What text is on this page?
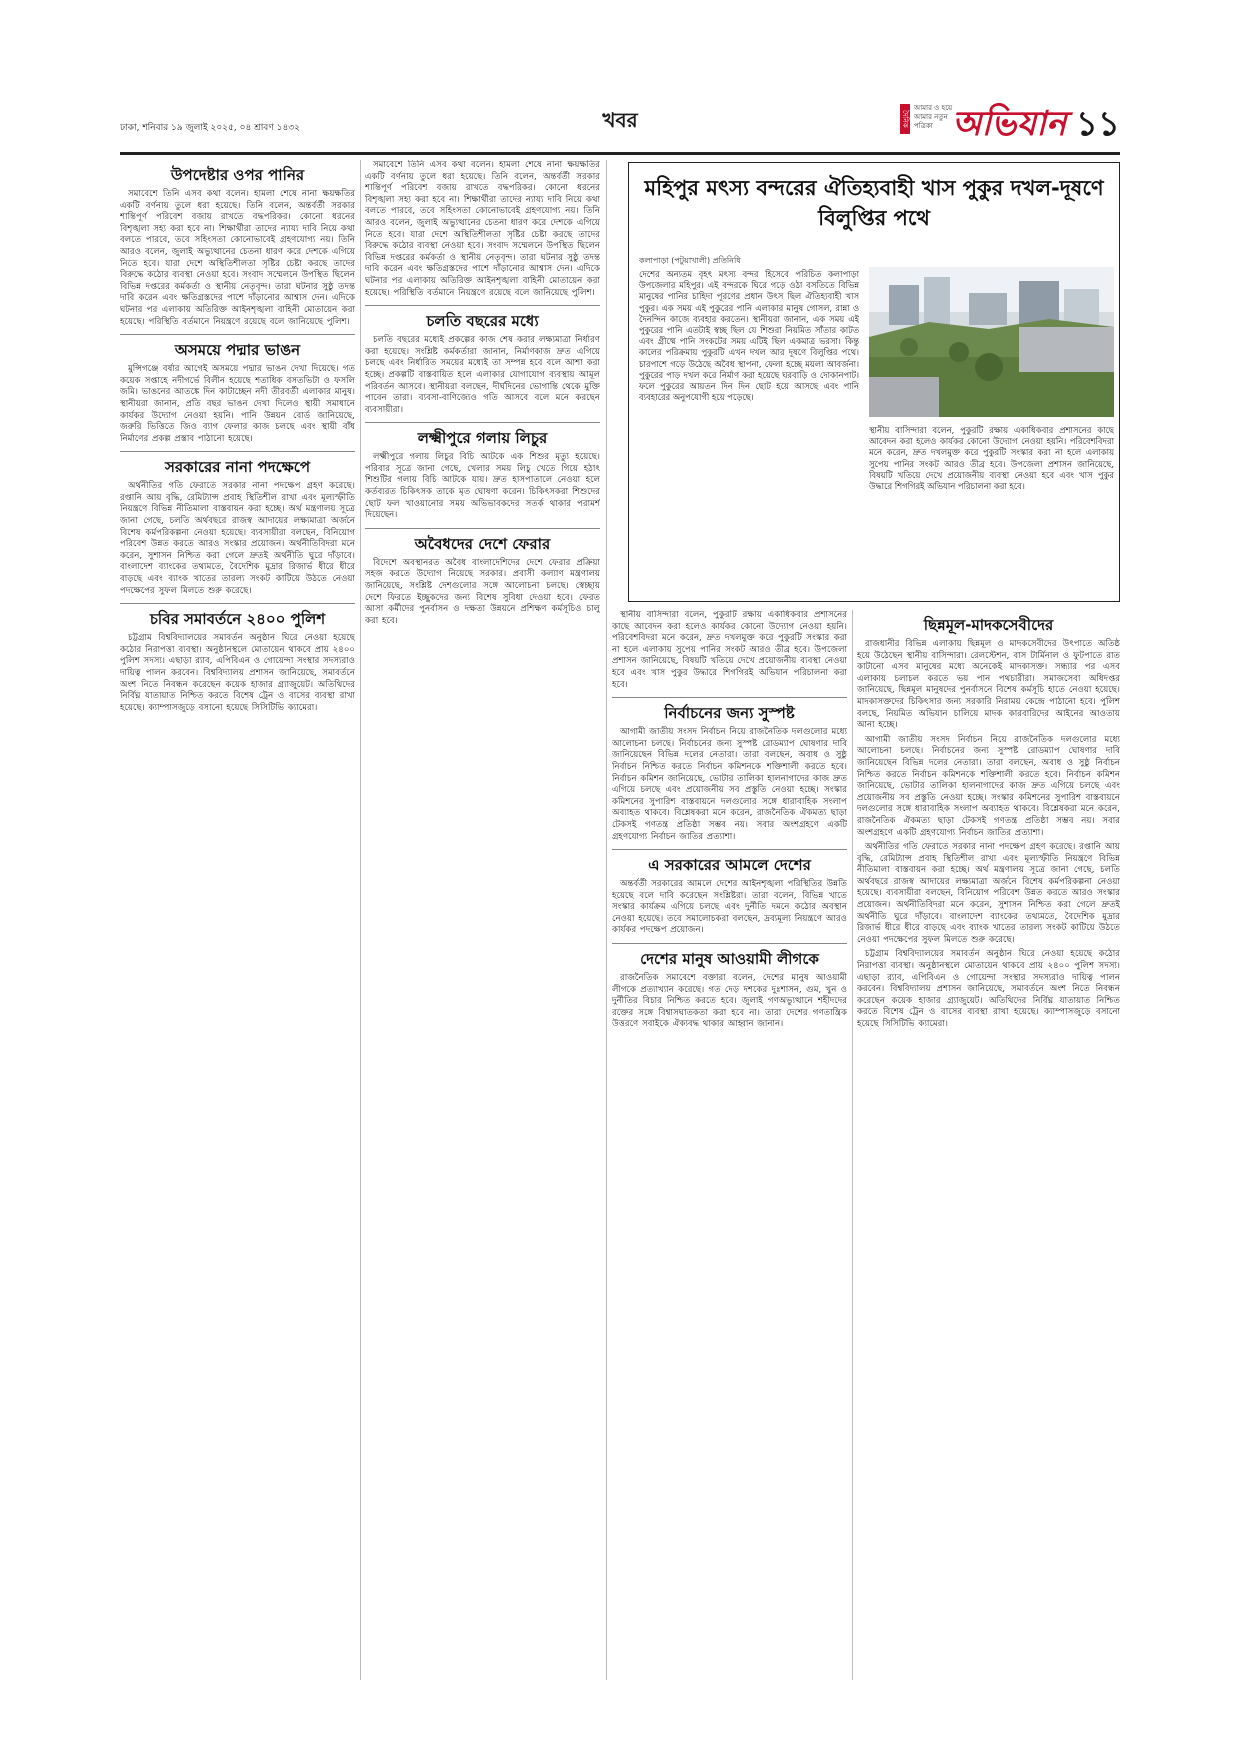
ঢাকা, শনিবার ১৯ জুলাই ২০২৫, ০৪ শ্রাবণ ১৪৩২	খবর	দৈনিক
আমার ও হয়ে আমার নতুন পত্রিকা অভিযান ১১
উপদেষ্টার ওপর পানির

সমাবেশে তিনি এসব কথা বলেন। হামলা শেষে নানা ক্ষয়ক্ষতির একটি বর্ণনায় তুলে ধরা হয়েছে। তিনি বলেন, অন্তর্বর্তী সরকার শান্তিপূর্ণ পরিবেশ বজায় রাখতে বদ্ধপরিকর। কোনো ধরনের বিশৃঙ্খলা সহ্য করা হবে না। শিক্ষার্থীরা তাদের ন্যায্য দাবি নিয়ে কথা বলতে পারবে, তবে সহিংসতা কোনোভাবেই গ্রহণযোগ্য নয়। তিনি আরও বলেন, জুলাই অভ্যুত্থানের চেতনা ধারণ করে দেশকে এগিয়ে নিতে হবে। যারা দেশে অস্থিতিশীলতা সৃষ্টির চেষ্টা করছে তাদের বিরুদ্ধে কঠোর ব্যবস্থা নেওয়া হবে। সংবাদ সম্মেলনে উপস্থিত ছিলেন বিভিন্ন দপ্তরের কর্মকর্তা ও স্থানীয় নেতৃবৃন্দ। তারা ঘটনার সুষ্ঠু তদন্ত দাবি করেন এবং ক্ষতিগ্রস্তদের পাশে দাঁড়ানোর আশ্বাস দেন। এদিকে ঘটনার পর এলাকায় অতিরিক্ত আইনশৃঙ্খলা বাহিনী মোতায়েন করা হয়েছে। পরিস্থিতি বর্তমানে নিয়ন্ত্রণে রয়েছে বলে জানিয়েছে পুলিশ।

অসময়ে পদ্মার ভাঙন

মুন্সিগঞ্জে বর্ষার আগেই অসময়ে পদ্মার ভাঙন দেখা দিয়েছে। গত কয়েক সপ্তাহে নদীগর্ভে বিলীন হয়েছে শতাধিক বসতভিটা ও ফসলি জমি। ভাঙনের আতঙ্কে দিন কাটাচ্ছেন নদী তীরবর্তী এলাকার মানুষ। স্থানীয়রা জানান, প্রতি বছর ভাঙন দেখা দিলেও স্থায়ী সমাধানে কার্যকর উদ্যোগ নেওয়া হয়নি। পানি উন্নয়ন বোর্ড জানিয়েছে, জরুরি ভিত্তিতে জিও ব্যাগ ফেলার কাজ চলছে এবং স্থায়ী বাঁধ নির্মাণের প্রকল্প প্রস্তাব পাঠানো হয়েছে।

সরকারের নানা পদক্ষেপে

অর্থনীতির গতি ফেরাতে সরকার নানা পদক্ষেপ গ্রহণ করেছে। রপ্তানি আয় বৃদ্ধি, রেমিট্যান্স প্রবাহ স্থিতিশীল রাখা এবং মূল্যস্ফীতি নিয়ন্ত্রণে বিভিন্ন নীতিমালা বাস্তবায়ন করা হচ্ছে। অর্থ মন্ত্রণালয় সূত্রে জানা গেছে, চলতি অর্থবছরে রাজস্ব আদায়ের লক্ষ্যমাত্রা অর্জনে বিশেষ কর্মপরিকল্পনা নেওয়া হয়েছে। ব্যবসায়ীরা বলছেন, বিনিয়োগ পরিবেশ উন্নত করতে আরও সংস্কার প্রয়োজন। অর্থনীতিবিদরা মনে করেন, সুশাসন নিশ্চিত করা গেলে দ্রুতই অর্থনীতি ঘুরে দাঁড়াবে। বাংলাদেশ ব্যাংকের তথ্যমতে, বৈদেশিক মুদ্রার রিজার্ভ ধীরে ধীরে বাড়ছে এবং ব্যাংক খাতের তারল্য সংকট কাটিয়ে উঠতে নেওয়া পদক্ষেপের সুফল মিলতে শুরু করেছে।

চবির সমাবর্তনে ২৪০০ পুলিশ

চট্টগ্রাম বিশ্ববিদ্যালয়ের সমাবর্তন অনুষ্ঠান ঘিরে নেওয়া হয়েছে কঠোর নিরাপত্তা ব্যবস্থা। অনুষ্ঠানস্থলে মোতায়েন থাকবে প্রায় ২৪০০ পুলিশ সদস্য। এছাড়া র‍্যাব, এপিবিএন ও গোয়েন্দা সংস্থার সদস্যরাও দায়িত্ব পালন করবেন। বিশ্ববিদ্যালয় প্রশাসন জানিয়েছে, সমাবর্তনে অংশ নিতে নিবন্ধন করেছেন কয়েক হাজার গ্র্যাজুয়েট। অতিথিদের নির্বিঘ্ন যাতায়াত নিশ্চিত করতে বিশেষ ট্রেন ও বাসের ব্যবস্থা রাখা হয়েছে। ক্যাম্পাসজুড়ে বসানো হয়েছে সিসিটিভি ক্যামেরা।

সমাবেশে তিনি এসব কথা বলেন। হামলা শেষে নানা ক্ষয়ক্ষতির একটি বর্ণনায় তুলে ধরা হয়েছে। তিনি বলেন, অন্তর্বর্তী সরকার শান্তিপূর্ণ পরিবেশ বজায় রাখতে বদ্ধপরিকর। কোনো ধরনের বিশৃঙ্খলা সহ্য করা হবে না। শিক্ষার্থীরা তাদের ন্যায্য দাবি নিয়ে কথা বলতে পারবে, তবে সহিংসতা কোনোভাবেই গ্রহণযোগ্য নয়। তিনি আরও বলেন, জুলাই অভ্যুত্থানের চেতনা ধারণ করে দেশকে এগিয়ে নিতে হবে। যারা দেশে অস্থিতিশীলতা সৃষ্টির চেষ্টা করছে তাদের বিরুদ্ধে কঠোর ব্যবস্থা নেওয়া হবে। সংবাদ সম্মেলনে উপস্থিত ছিলেন বিভিন্ন দপ্তরের কর্মকর্তা ও স্থানীয় নেতৃবৃন্দ। তারা ঘটনার সুষ্ঠু তদন্ত দাবি করেন এবং ক্ষতিগ্রস্তদের পাশে দাঁড়ানোর আশ্বাস দেন। এদিকে ঘটনার পর এলাকায় অতিরিক্ত আইনশৃঙ্খলা বাহিনী মোতায়েন করা হয়েছে। পরিস্থিতি বর্তমানে নিয়ন্ত্রণে রয়েছে বলে জানিয়েছে পুলিশ।

চলতি বছরের মধ্যে

চলতি বছরের মধ্যেই প্রকল্পের কাজ শেষ করার লক্ষ্যমাত্রা নির্ধারণ করা হয়েছে। সংশ্লিষ্ট কর্মকর্তারা জানান, নির্মাণকাজ দ্রুত এগিয়ে চলছে এবং নির্ধারিত সময়ের মধ্যেই তা সম্পন্ন হবে বলে আশা করা হচ্ছে। প্রকল্পটি বাস্তবায়িত হলে এলাকার যোগাযোগ ব্যবস্থায় আমূল পরিবর্তন আসবে। স্থানীয়রা বলছেন, দীর্ঘদিনের ভোগান্তি থেকে মুক্তি পাবেন তারা। ব্যবসা-বাণিজ্যেও গতি আসবে বলে মনে করছেন ব্যবসায়ীরা।

লক্ষ্মীপুরে গলায় লিচুর

লক্ষ্মীপুরে গলায় লিচুর বিচি আটকে এক শিশুর মৃত্যু হয়েছে। পরিবার সূত্রে জানা গেছে, খেলার সময় লিচু খেতে গিয়ে হঠাৎ শিশুটির গলায় বিচি আটকে যায়। দ্রুত হাসপাতালে নেওয়া হলে কর্তব্যরত চিকিৎসক তাকে মৃত ঘোষণা করেন। চিকিৎসকরা শিশুদের ছোট ফল খাওয়ানোর সময় অভিভাবকদের সতর্ক থাকার পরামর্শ দিয়েছেন।

অবৈধদের দেশে ফেরার

বিদেশে অবস্থানরত অবৈধ বাংলাদেশিদের দেশে ফেরার প্রক্রিয়া সহজ করতে উদ্যোগ নিয়েছে সরকার। প্রবাসী কল্যাণ মন্ত্রণালয় জানিয়েছে, সংশ্লিষ্ট দেশগুলোর সঙ্গে আলোচনা চলছে। স্বেচ্ছায় দেশে ফিরতে ইচ্ছুকদের জন্য বিশেষ সুবিধা দেওয়া হবে। ফেরত আসা কর্মীদের পুনর্বাসন ও দক্ষতা উন্নয়নে প্রশিক্ষণ কর্মসূচিও চালু করা হবে।

মহিপুর মৎস্য বন্দরের ঐতিহ্যবাহী খাস পুকুর দখল-দূষণে বিলুপ্তির পথে
কলাপাড়া (পটুয়াখালী) প্রতিনিধি
দেশের অন্যতম বৃহৎ মৎস্য বন্দর হিসেবে পরিচিত কলাপাড়া উপজেলার মহিপুর। এই বন্দরকে ঘিরে গড়ে ওঠা বসতিতে বিভিন্ন মানুষের পানির চাহিদা পূরণের প্রধান উৎস ছিল ঐতিহ্যবাহী খাস পুকুর। এক সময় এই পুকুরের পানি এলাকার মানুষ গোসল, রান্না ও দৈনন্দিন কাজে ব্যবহার করতেন। স্থানীয়রা জানান, এক সময় এই পুকুরের পানি এতটাই স্বচ্ছ ছিল যে শিশুরা নিয়মিত সাঁতার কাটত এবং গ্রীষ্মে পানি সংকটের সময় এটিই ছিল একমাত্র ভরসা। কিন্তু কালের পরিক্রমায় পুকুরটি এখন দখল আর দূষণে বিলুপ্তির পথে। চারপাশে গড়ে উঠেছে অবৈধ স্থাপনা, ফেলা হচ্ছে ময়লা আবর্জনা। পুকুরের পাড় দখল করে নির্মাণ করা হয়েছে ঘরবাড়ি ও দোকানপাট। ফলে পুকুরের আয়তন দিন দিন ছোট হয়ে আসছে এবং পানি ব্যবহারের অনুপযোগী হয়ে পড়েছে।
স্থানীয় বাসিন্দারা বলেন, পুকুরটি রক্ষায় একাধিকবার প্রশাসনের কাছে আবেদন করা হলেও কার্যকর কোনো উদ্যোগ নেওয়া হয়নি। পরিবেশবিদরা মনে করেন, দ্রুত দখলমুক্ত করে পুকুরটি সংস্কার করা না হলে এলাকায় সুপেয় পানির সংকট আরও তীব্র হবে। উপজেলা প্রশাসন জানিয়েছে, বিষয়টি খতিয়ে দেখে প্রয়োজনীয় ব্যবস্থা নেওয়া হবে এবং খাস পুকুর উদ্ধারে শিগগিরই অভিযান পরিচালনা করা হবে।

স্থানীয় বাসিন্দারা বলেন, পুকুরটি রক্ষায় একাধিকবার প্রশাসনের কাছে আবেদন করা হলেও কার্যকর কোনো উদ্যোগ নেওয়া হয়নি। পরিবেশবিদরা মনে করেন, দ্রুত দখলমুক্ত করে পুকুরটি সংস্কার করা না হলে এলাকায় সুপেয় পানির সংকট আরও তীব্র হবে। উপজেলা প্রশাসন জানিয়েছে, বিষয়টি খতিয়ে দেখে প্রয়োজনীয় ব্যবস্থা নেওয়া হবে এবং খাস পুকুর উদ্ধারে শিগগিরই অভিযান পরিচালনা করা হবে।

নির্বাচনের জন্য সুস্পষ্ট

আগামী জাতীয় সংসদ নির্বাচন নিয়ে রাজনৈতিক দলগুলোর মধ্যে আলোচনা চলছে। নির্বাচনের জন্য সুস্পষ্ট রোডম্যাপ ঘোষণার দাবি জানিয়েছেন বিভিন্ন দলের নেতারা। তারা বলছেন, অবাধ ও সুষ্ঠু নির্বাচন নিশ্চিত করতে নির্বাচন কমিশনকে শক্তিশালী করতে হবে। নির্বাচন কমিশন জানিয়েছে, ভোটার তালিকা হালনাগাদের কাজ দ্রুত এগিয়ে চলছে এবং প্রয়োজনীয় সব প্রস্তুতি নেওয়া হচ্ছে। সংস্কার কমিশনের সুপারিশ বাস্তবায়নে দলগুলোর সঙ্গে ধারাবাহিক সংলাপ অব্যাহত থাকবে। বিশ্লেষকরা মনে করেন, রাজনৈতিক ঐকমত্য ছাড়া টেকসই গণতন্ত্র প্রতিষ্ঠা সম্ভব নয়। সবার অংশগ্রহণে একটি গ্রহণযোগ্য নির্বাচন জাতির প্রত্যাশা।

এ সরকারের আমলে দেশের

অন্তর্বর্তী সরকারের আমলে দেশের আইনশৃঙ্খলা পরিস্থিতির উন্নতি হয়েছে বলে দাবি করেছেন সংশ্লিষ্টরা। তারা বলেন, বিভিন্ন খাতে সংস্কার কার্যক্রম এগিয়ে চলছে এবং দুর্নীতি দমনে কঠোর অবস্থান নেওয়া হয়েছে। তবে সমালোচকরা বলছেন, দ্রব্যমূল্য নিয়ন্ত্রণে আরও কার্যকর পদক্ষেপ প্রয়োজন।

দেশের মানুষ আওয়ামী লীগকে

রাজনৈতিক সমাবেশে বক্তারা বলেন, দেশের মানুষ আওয়ামী লীগকে প্রত্যাখ্যান করেছে। গত দেড় দশকের দুঃশাসন, গুম, খুন ও দুর্নীতির বিচার নিশ্চিত করতে হবে। জুলাই গণঅভ্যুত্থানে শহীদদের রক্তের সঙ্গে বিশ্বাসঘাতকতা করা হবে না। তারা দেশের গণতান্ত্রিক উত্তরণে সবাইকে ঐক্যবদ্ধ থাকার আহ্বান জানান।

ছিন্নমূল-মাদকসেবীদের

রাজধানীর বিভিন্ন এলাকায় ছিন্নমূল ও মাদকসেবীদের উৎপাতে অতিষ্ঠ হয়ে উঠেছেন স্থানীয় বাসিন্দারা। রেলস্টেশন, বাস টার্মিনাল ও ফুটপাতে রাত কাটানো এসব মানুষের মধ্যে অনেকেই মাদকাসক্ত। সন্ধ্যার পর এসব এলাকায় চলাচল করতে ভয় পান পথচারীরা। সমাজসেবা অধিদপ্তর জানিয়েছে, ছিন্নমূল মানুষদের পুনর্বাসনে বিশেষ কর্মসূচি হাতে নেওয়া হয়েছে। মাদকাসক্তদের চিকিৎসার জন্য সরকারি নিরাময় কেন্দ্রে পাঠানো হবে। পুলিশ বলছে, নিয়মিত অভিযান চালিয়ে মাদক কারবারিদের আইনের আওতায় আনা হচ্ছে।

আগামী জাতীয় সংসদ নির্বাচন নিয়ে রাজনৈতিক দলগুলোর মধ্যে আলোচনা চলছে। নির্বাচনের জন্য সুস্পষ্ট রোডম্যাপ ঘোষণার দাবি জানিয়েছেন বিভিন্ন দলের নেতারা। তারা বলছেন, অবাধ ও সুষ্ঠু নির্বাচন নিশ্চিত করতে নির্বাচন কমিশনকে শক্তিশালী করতে হবে। নির্বাচন কমিশন জানিয়েছে, ভোটার তালিকা হালনাগাদের কাজ দ্রুত এগিয়ে চলছে এবং প্রয়োজনীয় সব প্রস্তুতি নেওয়া হচ্ছে। সংস্কার কমিশনের সুপারিশ বাস্তবায়নে দলগুলোর সঙ্গে ধারাবাহিক সংলাপ অব্যাহত থাকবে। বিশ্লেষকরা মনে করেন, রাজনৈতিক ঐকমত্য ছাড়া টেকসই গণতন্ত্র প্রতিষ্ঠা সম্ভব নয়। সবার অংশগ্রহণে একটি গ্রহণযোগ্য নির্বাচন জাতির প্রত্যাশা।

অর্থনীতির গতি ফেরাতে সরকার নানা পদক্ষেপ গ্রহণ করেছে। রপ্তানি আয় বৃদ্ধি, রেমিট্যান্স প্রবাহ স্থিতিশীল রাখা এবং মূল্যস্ফীতি নিয়ন্ত্রণে বিভিন্ন নীতিমালা বাস্তবায়ন করা হচ্ছে। অর্থ মন্ত্রণালয় সূত্রে জানা গেছে, চলতি অর্থবছরে রাজস্ব আদায়ের লক্ষ্যমাত্রা অর্জনে বিশেষ কর্মপরিকল্পনা নেওয়া হয়েছে। ব্যবসায়ীরা বলছেন, বিনিয়োগ পরিবেশ উন্নত করতে আরও সংস্কার প্রয়োজন। অর্থনীতিবিদরা মনে করেন, সুশাসন নিশ্চিত করা গেলে দ্রুতই অর্থনীতি ঘুরে দাঁড়াবে। বাংলাদেশ ব্যাংকের তথ্যমতে, বৈদেশিক মুদ্রার রিজার্ভ ধীরে ধীরে বাড়ছে এবং ব্যাংক খাতের তারল্য সংকট কাটিয়ে উঠতে নেওয়া পদক্ষেপের সুফল মিলতে শুরু করেছে।

চট্টগ্রাম বিশ্ববিদ্যালয়ের সমাবর্তন অনুষ্ঠান ঘিরে নেওয়া হয়েছে কঠোর নিরাপত্তা ব্যবস্থা। অনুষ্ঠানস্থলে মোতায়েন থাকবে প্রায় ২৪০০ পুলিশ সদস্য। এছাড়া র‍্যাব, এপিবিএন ও গোয়েন্দা সংস্থার সদস্যরাও দায়িত্ব পালন করবেন। বিশ্ববিদ্যালয় প্রশাসন জানিয়েছে, সমাবর্তনে অংশ নিতে নিবন্ধন করেছেন কয়েক হাজার গ্র্যাজুয়েট। অতিথিদের নির্বিঘ্ন যাতায়াত নিশ্চিত করতে বিশেষ ট্রেন ও বাসের ব্যবস্থা রাখা হয়েছে। ক্যাম্পাসজুড়ে বসানো হয়েছে সিসিটিভি ক্যামেরা।
